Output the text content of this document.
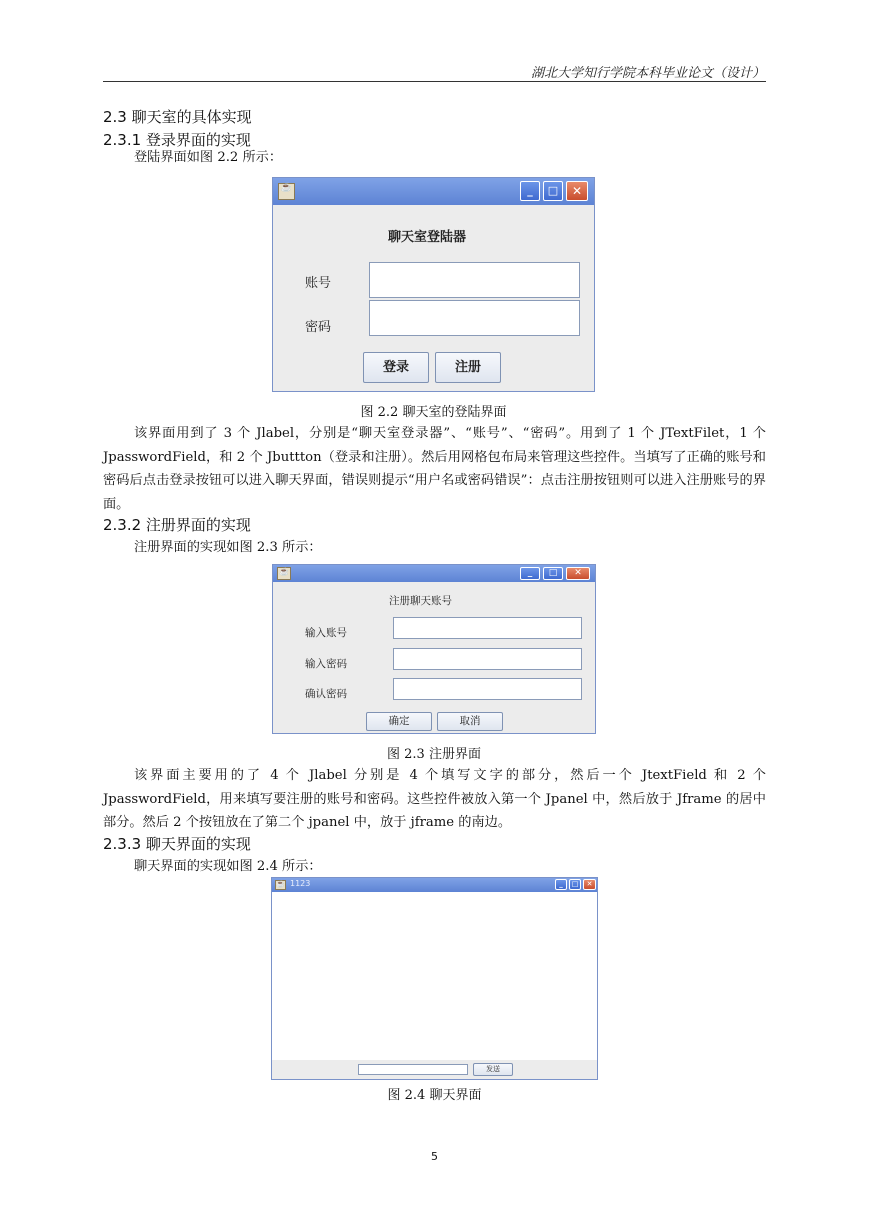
湖北大学知行学院本科毕业论文（设计）
2.3 聊天室的具体实现
2.3.1 登录界面的实现
登陆界面如图 2.2 所示：
☕	_	□	✕
聊天室登陆器
账号
密码
登录	注册
图 2.2 聊天室的登陆界面
该界面用到了 3 个 Jlabel，分别是“聊天室登录器”、“账号”、“密码”。用到了 1 个 JTextFilet，1 个 JpasswordField，和 2 个 Jbuttton（登录和注册）。然后用网格包布局来管理这些控件。当填写了正确的账号和密码后点击登录按钮可以进入聊天界面，错误则提示“用户名或密码错误”：点击注册按钮则可以进入注册账号的界面。
2.3.2 注册界面的实现
注册界面的实现如图 2.3 所示：
☕	_	□	✕
注册聊天账号
输入账号
输入密码
确认密码
确定	取消
图 2.3 注册界面
该界面主要用的了 4 个 Jlabel 分别是 4 个填写文字的部分，然后一个 JtextField 和 2 个 JpasswordField，用来填写要注册的账号和密码。这些控件被放入第一个 Jpanel 中，然后放于 Jframe 的居中部分。然后 2 个按钮放在了第二个 jpanel 中，放于 jframe 的南边。
2.3.3 聊天界面的实现
聊天界面的实现如图 2.4 所示：
☕ 1123	_	□	✕
发送
图 2.4 聊天界面
5
